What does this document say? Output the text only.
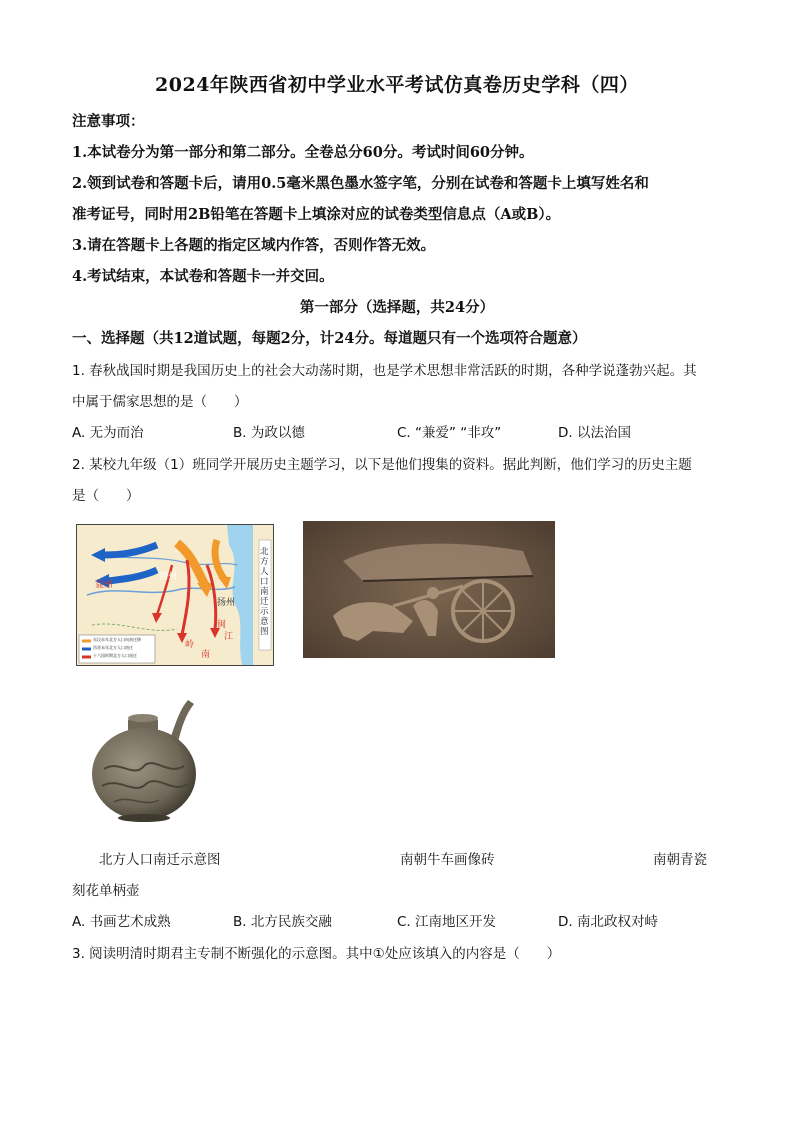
2024年陕西省初中学业水平考试仿真卷历史学科（四）
注意事项：
1.本试卷分为第一部分和第二部分。全卷总分60分。考试时间60分钟。
2.领到试卷和答题卡后，请用0.5毫米黑色墨水签字笔，分别在试卷和答题卡上填写姓名和
准考证号，同时用2B铅笔在答题卡上填涂对应的试卷类型信息点（A或B）。
3.请在答题卡上各题的指定区域内作答，否则作答无效。
4.考试结束，本试卷和答题卡一并交回。
第一部分（选择题，共24分）
一、选择题（共12道试题，每题2分，计24分。每道题只有一个选项符合题意）
1. 春秋战国时期是我国历史上的社会大动荡时期，也是学术思想非常活跃的时期，各种学说蓬勃兴起。其
中属于儒家思想的是（　　）
A. 无为而治	B. 为政以德	C. “兼爱” “非攻”	D. 以法治国
2. 某校九年级（1）班同学开展历史主题学习，以下是他们搜集的资料。据此判断，他们学习的历史主题
是（　　）
益州
荆州
扬州
闽
江
岭
南
东汉末年北方人口向南迁移
西晋末年北方人口南迁
十六国时期北方人口南迁
北方人口南迁示意图
北方人口南迁示意图	南朝牛车画像砖	南朝青瓷
刻花单柄壶
A. 书画艺术成熟	B. 北方民族交融	C. 江南地区开发	D. 南北政权对峙
3. 阅读明清时期君主专制不断强化的示意图。其中①处应该填入的内容是（　　）
